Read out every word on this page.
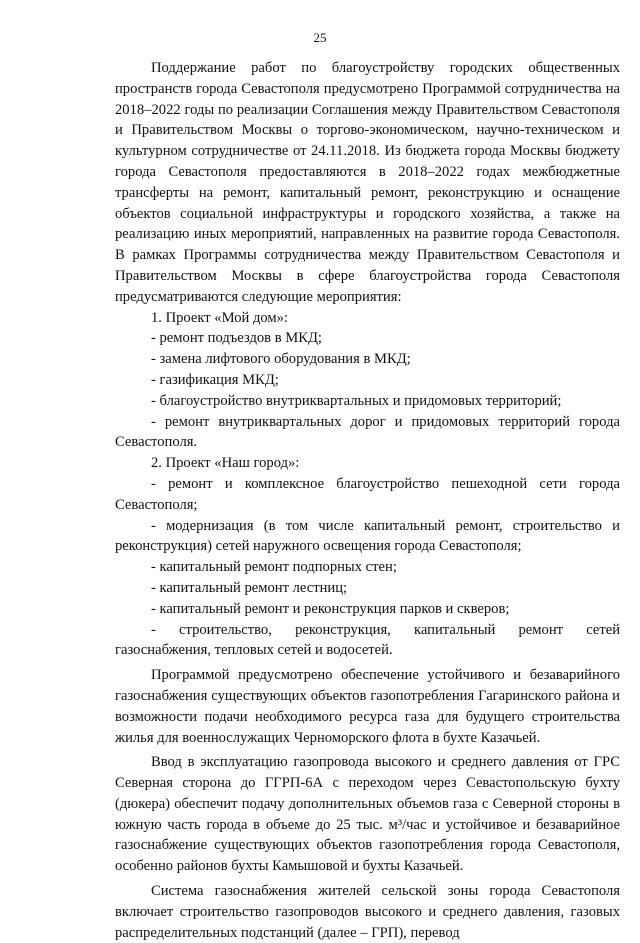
25

Поддержание работ по благоустройству городских общественных пространств города Севастополя предусмотрено Программой сотрудничества на 2018–2022 годы по реализации Соглашения между Правительством Севастополя и Правительством Москвы о торгово-экономическом, научно-техническом и культурном сотрудничестве от 24.11.2018. Из бюджета города Москвы бюджету города Севастополя предоставляются в 2018–2022 годах межбюджетные трансферты на ремонт, капитальный ремонт, реконструкцию и оснащение объектов социальной инфраструктуры и городского хозяйства, а также на реализацию иных мероприятий, направленных на развитие города Севастополя. В рамках Программы сотрудничества между Правительством Севастополя и Правительством Москвы в сфере благоустройства города Севастополя предусматриваются следующие мероприятия:

1. Проект «Мой дом»:

- ремонт подъездов в МКД;

- замена лифтового оборудования в МКД;

- газификация МКД;

- благоустройство внутриквартальных и придомовых территорий;

- ремонт внутриквартальных дорог и придомовых территорий города Севастополя.

2. Проект «Наш город»:

- ремонт и комплексное благоустройство пешеходной сети города Севастополя;

- модернизация (в том числе капитальный ремонт, строительство и реконструкция) сетей наружного освещения города Севастополя;

- капитальный ремонт подпорных стен;

- капитальный ремонт лестниц;

- капитальный ремонт и реконструкция парков и скверов;

- строительство, реконструкция, капитальный ремонт сетей газоснабжения, тепловых сетей и водосетей.

Программой предусмотрено обеспечение устойчивого и безаварийного газоснабжения существующих объектов газопотребления Гагаринского района и возможности подачи необходимого ресурса газа для будущего строительства жилья для военнослужащих Черноморского флота в бухте Казачьей.

Ввод в эксплуатацию газопровода высокого и среднего давления от ГРС Северная сторона до ГГРП-6А с переходом через Севастопольскую бухту (дюкера) обеспечит подачу дополнительных объемов газа с Северной стороны в южную часть города в объеме до 25 тыс. м³/час и устойчивое и безаварийное газоснабжение существующих объектов газопотребления города Севастополя, особенно районов бухты Камышовой и бухты Казачьей.

Система газоснабжения жителей сельской зоны города Севастополя включает строительство газопроводов высокого и среднего давления, газовых распределительных подстанций (далее – ГРП), перевод
